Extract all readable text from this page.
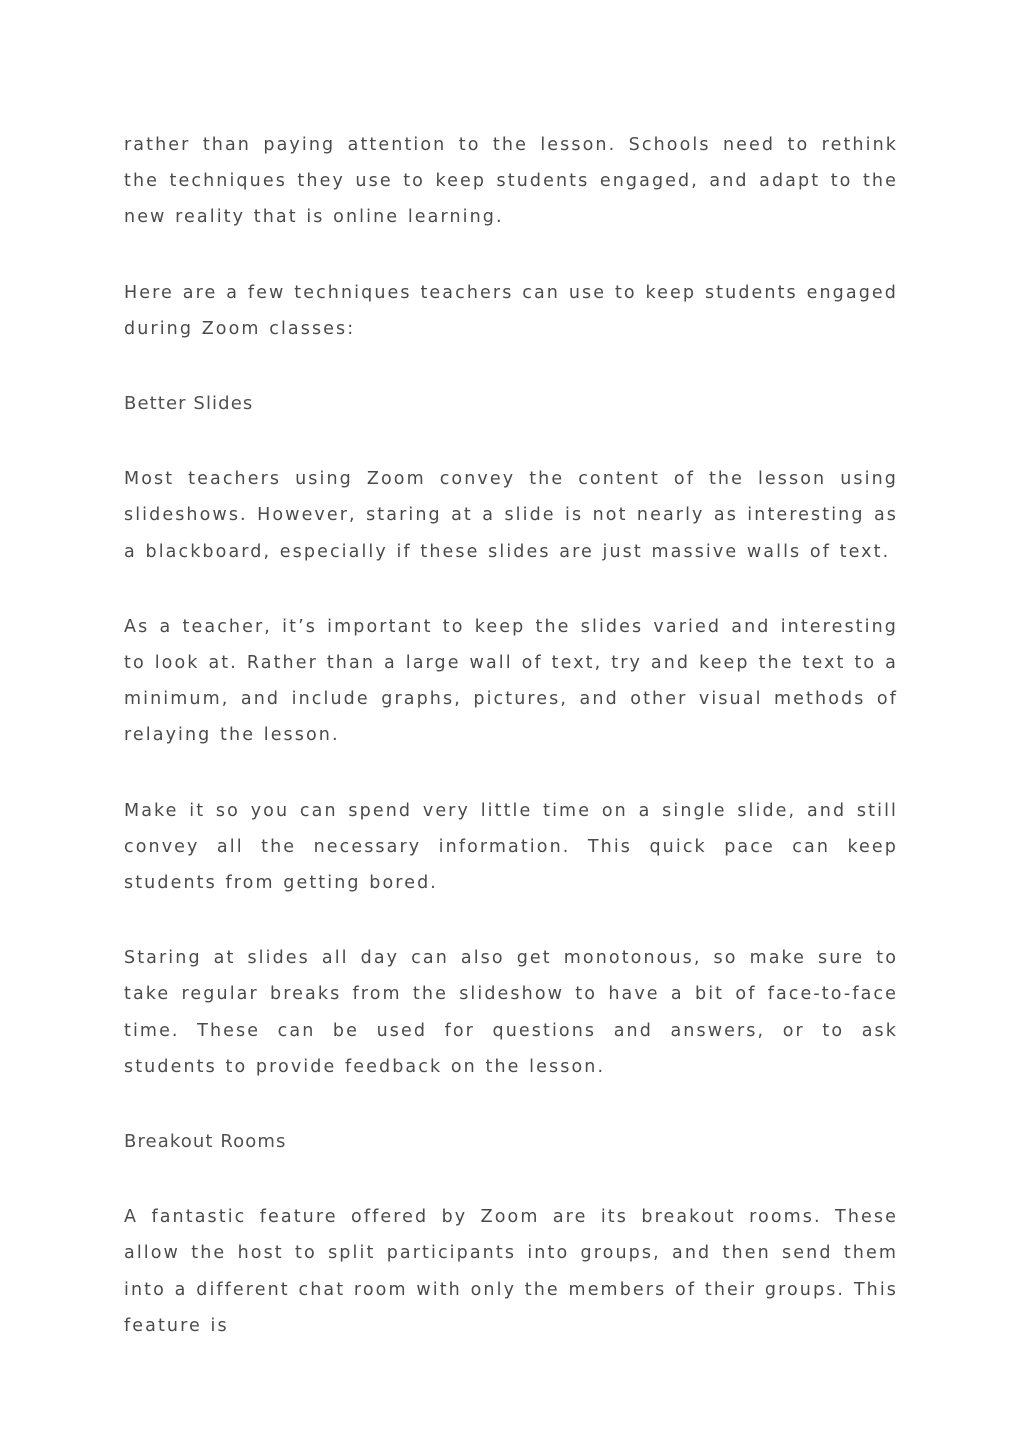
rather than paying attention to the lesson. Schools need to rethink the techniques they use to keep students engaged, and adapt to the new reality that is online learning.

Here are a few techniques teachers can use to keep students engaged during Zoom classes:

Better Slides

Most teachers using Zoom convey the content of the lesson using slideshows. However, staring at a slide is not nearly as interesting as a blackboard, especially if these slides are just massive walls of text.

As a teacher, it’s important to keep the slides varied and interesting to look at. Rather than a large wall of text, try and keep the text to a minimum, and include graphs, pictures, and other visual methods of relaying the lesson.

Make it so you can spend very little time on a single slide, and still convey all the necessary information. This quick pace can keep students from getting bored.

Staring at slides all day can also get monotonous, so make sure to take regular breaks from the slideshow to have a bit of face-to-face time. These can be used for questions and answers, or to ask students to provide feedback on the lesson.

Breakout Rooms

A fantastic feature offered by Zoom are its breakout rooms. These allow the host to split participants into groups, and then send them into a different chat room with only the members of their groups. This feature is
